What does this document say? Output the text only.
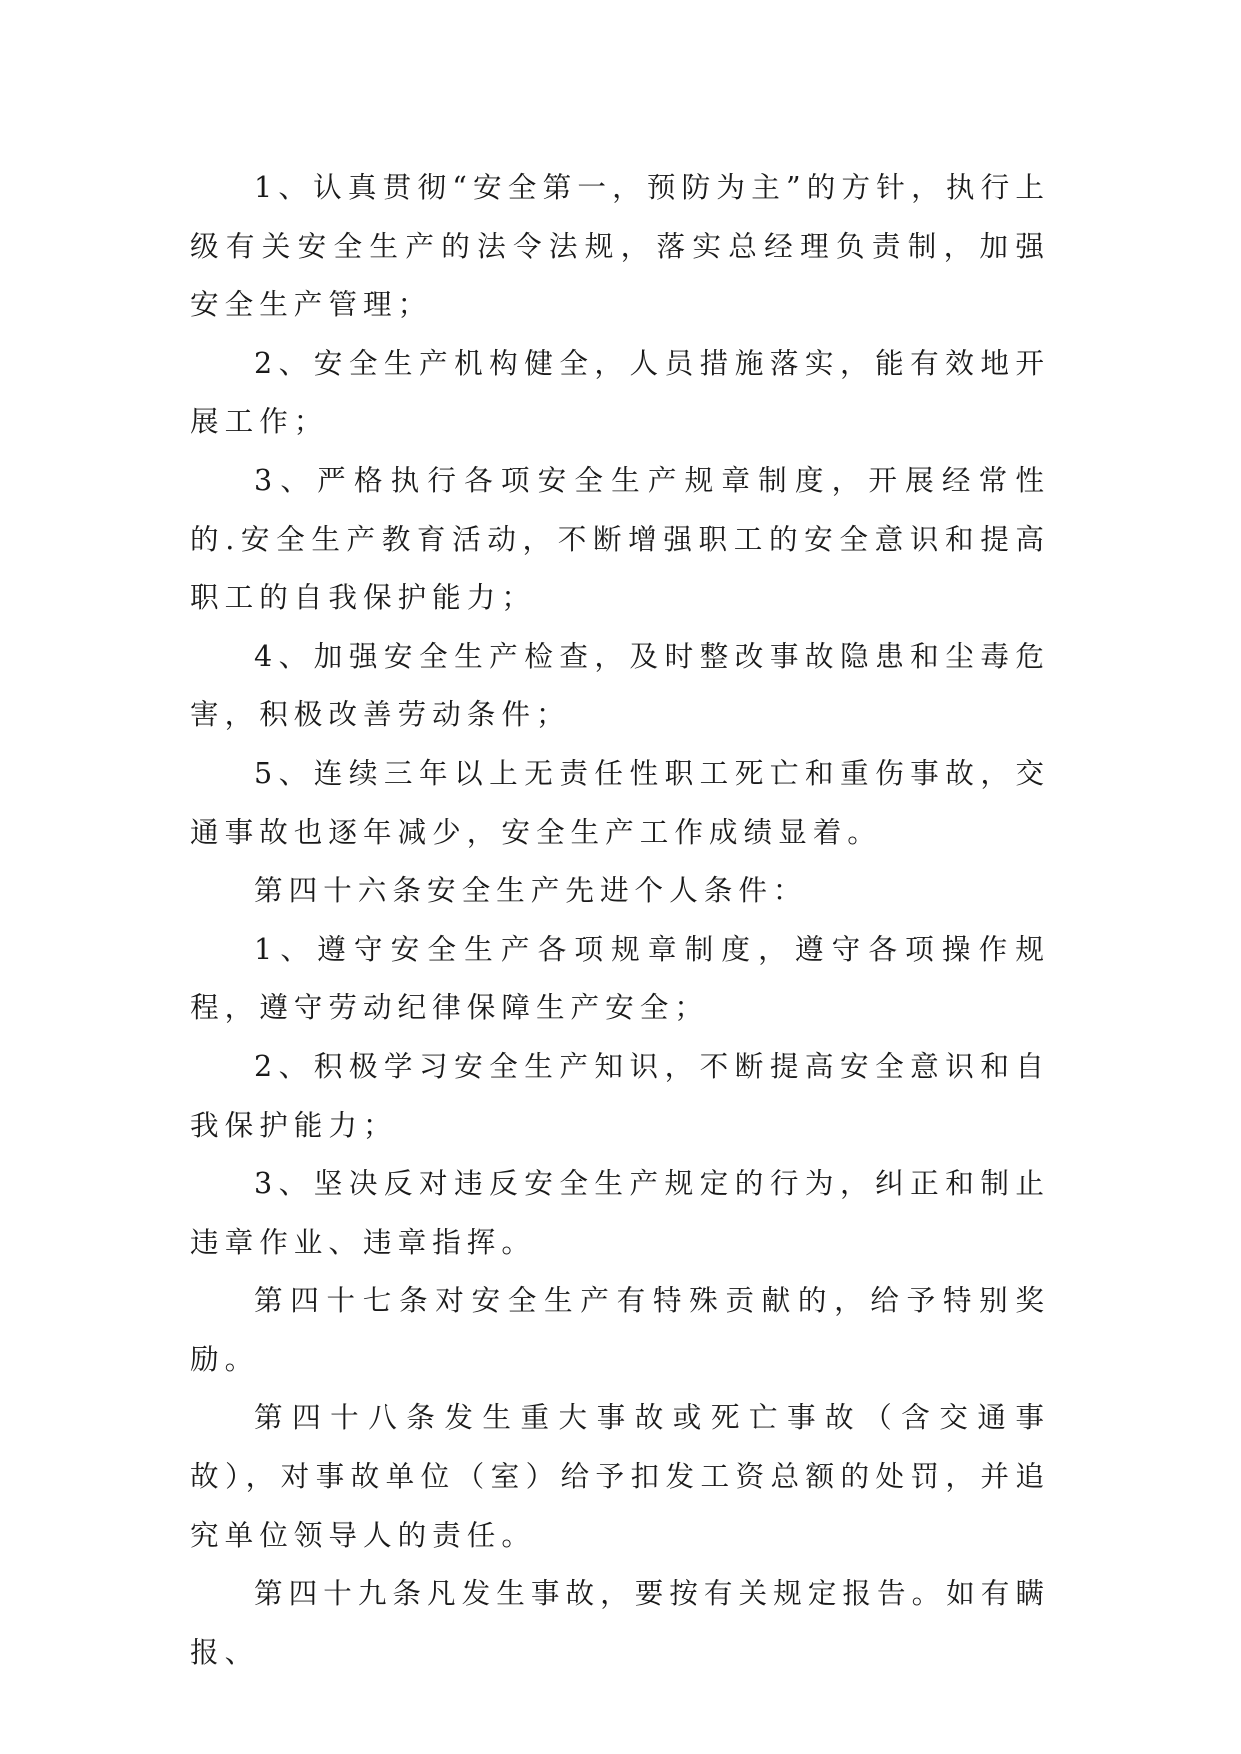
1、认真贯彻“安全第一，预防为主”的方针，执行上级有关安全生产的法令法规，落实总经理负责制，加强安全生产管理；

2、安全生产机构健全，人员措施落实，能有效地开展工作；

3、严格执行各项安全生产规章制度，开展经常性的.安全生产教育活动，不断增强职工的安全意识和提高职工的自我保护能力；

4、加强安全生产检查，及时整改事故隐患和尘毒危害，积极改善劳动条件；

5、连续三年以上无责任性职工死亡和重伤事故，交通事故也逐年减少，安全生产工作成绩显着。

第四十六条安全生产先进个人条件：

1、遵守安全生产各项规章制度，遵守各项操作规程，遵守劳动纪律保障生产安全；

2、积极学习安全生产知识，不断提高安全意识和自我保护能力；

3、坚决反对违反安全生产规定的行为，纠正和制止违章作业、违章指挥。

第四十七条对安全生产有特殊贡献的，给予特别奖励。

第四十八条发生重大事故或死亡事故（含交通事故），对事故单位（室）给予扣发工资总额的处罚，并追究单位领导人的责任。

第四十九条凡发生事故，要按有关规定报告。如有瞒报、
